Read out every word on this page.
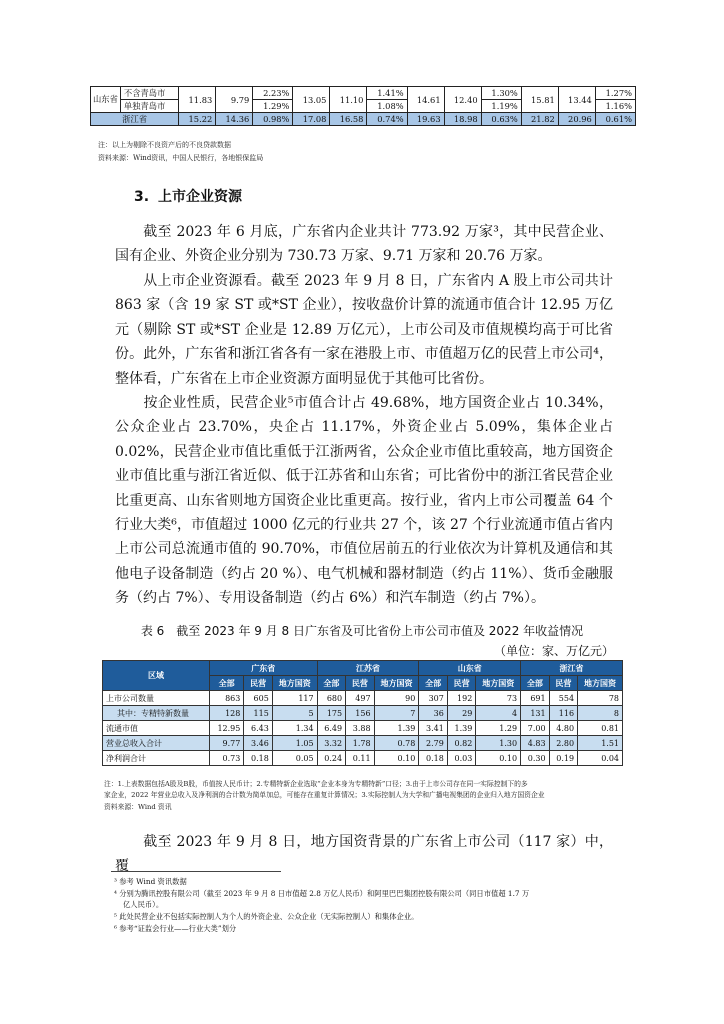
山东省	不含青岛市	11.83	9.79	2.23%	13.05	11.10	1.41%	14.61	12.40	1.30%	15.81	13.44	1.27%
	单独青岛市			1.29%			1.08%			1.19%			1.16%
浙江省		15.22	14.36	0.98%	17.08	16.58	0.74%	19.63	18.98	0.63%	21.82	20.96	0.61%
注：以上为剔除不良资产后的不良贷款数据
资料来源：Wind资讯，中国人民银行，各地银保监局
3. 上市企业资源
截至 2023 年 6 月底，广东省内企业共计 773.92 万家³，其中民营企业、国有企业、外资企业分别为 730.73 万家、9.71 万家和 20.76 万家。
从上市企业资源看。截至 2023 年 9 月 8 日，广东省内 A 股上市公司共计 863 家（含 19 家 ST 或*ST 企业），按收盘价计算的流通市值合计 12.95 万亿元（剔除 ST 或*ST 企业是 12.89 万亿元），上市公司及市值规模均高于可比省份。此外，广东省和浙江省各有一家在港股上市、市值超万亿的民营上市公司⁴，整体看，广东省在上市企业资源方面明显优于其他可比省份。
按企业性质，民营企业⁵市值合计占 49.68%，地方国资企业占 10.34%，公众企业占 23.70%，央企占 11.17%，外资企业占 5.09%，集体企业占 0.02%，民营企业市值比重低于江浙两省，公众企业市值比重较高，地方国资企业市值比重与浙江省近似、低于江苏省和山东省；可比省份中的浙江省民营企业比重更高、山东省则地方国资企业比重更高。按行业，省内上市公司覆盖 64 个行业大类⁶，市值超过 1000 亿元的行业共 27 个，该 27 个行业流通市值占省内上市公司总流通市值的 90.70%，市值位居前五的行业依次为计算机及通信和其他电子设备制造（约占 20 %）、电气机械和器材制造（约占 11%）、货币金融服务（约占 7%）、专用设备制造（约占 6%）和汽车制造（约占 7%）。
表 6　截至 2023 年 9 月 8 日广东省及可比省份上市公司市值及 2022 年收益情况
（单位：家、万亿元）
区域	广东省			江苏省			山东省			浙江省		
	全部	民营	地方国资	全部	民营	地方国资	全部	民营	地方国资	全部	民营	地方国资
上市公司数量	863	605	117	680	497	90	307	192	73	691	554	78
其中：专精特新数量	128	115	5	175	156	7	36	29	4	131	116	8
流通市值	12.95	6.43	1.34	6.49	3.88	1.39	3.41	1.39	1.29	7.00	4.80	0.81
营业总收入合计	9.77	3.46	1.05	3.32	1.78	0.78	2.79	0.82	1.30	4.83	2.80	1.51
净利润合计	0.73	0.18	0.05	0.24	0.11	0.10	0.18	0.03	0.10	0.30	0.19	0.04
注：1.上表数据包括A股及B股，币值按人民币计；2.专精特新企业选取“企业本身为专精特新”口径；3.由于上市公司存在同一实际控制下的多
家企业，2022 年营业总收入及净利润的合计数为简单加总，可能存在重复计算情况；3.实际控制人为大学和广播电视集团的企业归入地方国资企业
资料来源：Wind 资讯
截至 2023 年 9 月 8 日，地方国资背景的广东省上市公司（117 家）中，覆
³ 参考 Wind 资讯数据
⁴ 分别为腾讯控股有限公司（截至 2023 年 9 月 8 日市值超 2.8 万亿人民币）和阿里巴巴集团控股有限公司（同日市值超 1.7 万
亿人民币）。
⁵ 此处民营企业不包括实际控制人为个人的外资企业、公众企业（无实际控制人）和集体企业。
⁶ 参考“证监会行业——行业大类”划分
